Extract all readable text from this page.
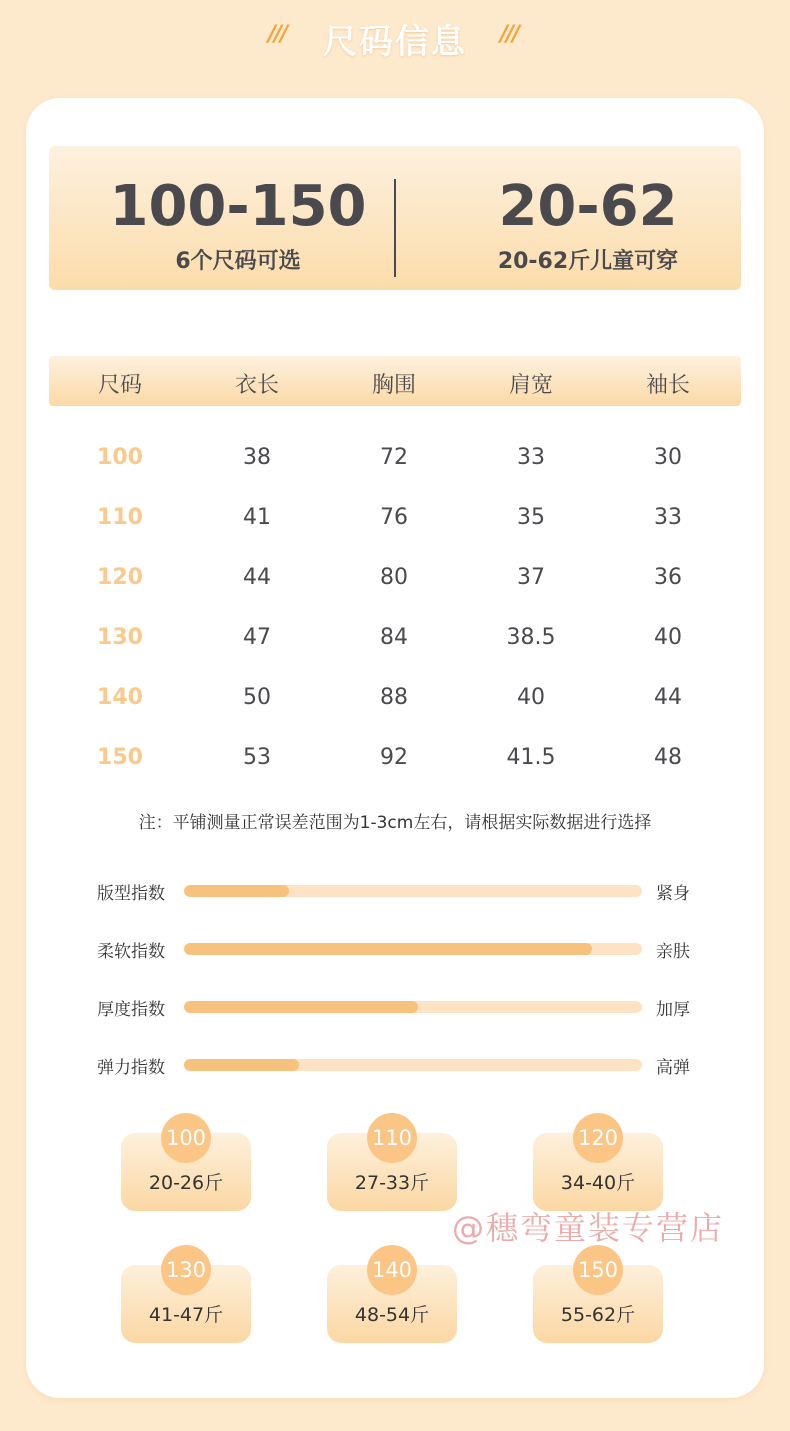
///	尺码信息	///
100-150
6个尺码可选
20-62
20-62斤儿童可穿
尺码	衣长	胸围	肩宽	袖长
100	38	72	33	30
110	41	76	35	33
120	44	80	37	36
130	47	84	38.5	40
140	50	88	40	44
150	53	92	41.5	48
注：平铺测量正常误差范围为1-3cm左右，请根据实际数据进行选择
版型指数	紧身
柔软指数	亲肤
厚度指数	加厚
弹力指数	高弹
100
20-26斤
110
27-33斤
120
34-40斤
130
41-47斤
140
48-54斤
150
55-62斤
@穗弯童装专营店
